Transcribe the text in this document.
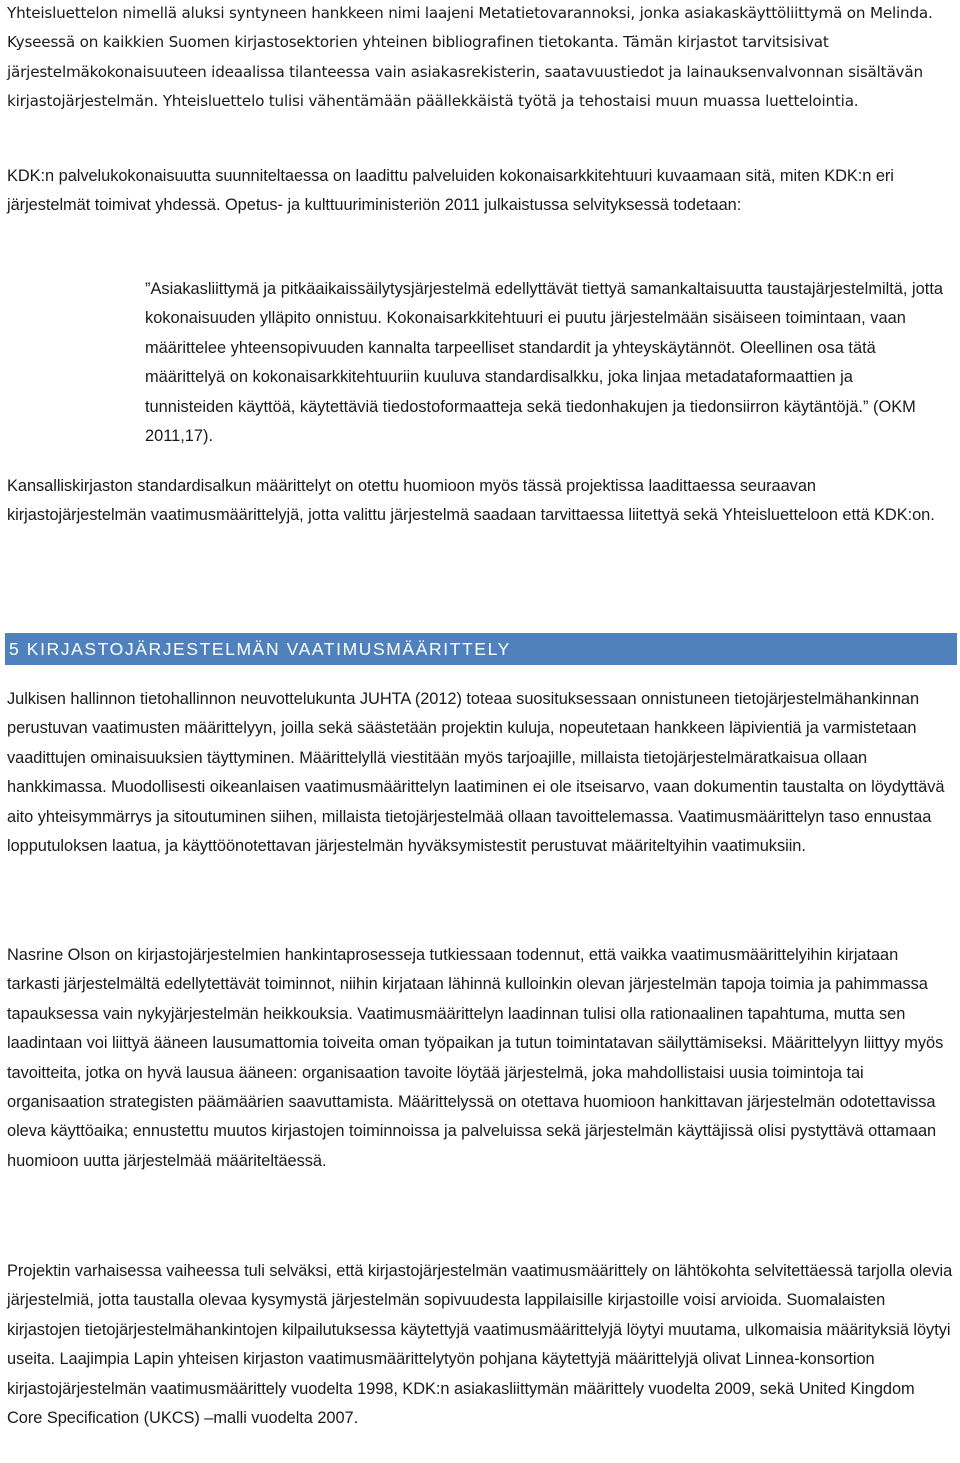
Yhteisluettelon nimellä aluksi syntyneen hankkeen nimi laajeni Metatietovarannoksi, jonka asiakaskäyttöliittymä on Melinda. Kyseessä on kaikkien Suomen kirjastosektorien yhteinen bibliografinen tietokanta. Tämän kirjastot tarvitsisivat järjestelmäkokonaisuuteen ideaalissa tilanteessa vain asiakasrekisterin, saatavuustiedot ja lainauksenvalvonnan sisältävän kirjastojärjestelmän. Yhteisluettelo tulisi vähentämään päällekkäistä työtä ja tehostaisi muun muassa luettelointia.

KDK:n palvelukokonaisuutta suunniteltaessa on laadittu palveluiden kokonaisarkkitehtuuri kuvaamaan sitä, miten KDK:n eri järjestelmät toimivat yhdessä. Opetus- ja kulttuuriministeriön 2011 julkaistussa selvityksessä todetaan:

”Asiakasliittymä ja pitkäaikaissäilytysjärjestelmä edellyttävät tiettyä samankaltaisuutta taustajärjestelmiltä, jotta kokonaisuuden ylläpito onnistuu. Kokonaisarkkitehtuuri ei puutu järjestelmään sisäiseen toimintaan, vaan määrittelee yhteensopivuuden kannalta tarpeelliset standardit ja yhteyskäytännöt. Oleellinen osa tätä määrittelyä on kokonaisarkkitehtuuriin kuuluva standardisalkku, joka linjaa metadataformaattien ja tunnisteiden käyttöä, käytettäviä tiedostoformaatteja sekä tiedonhakujen ja tiedonsiirron käytäntöjä.” (OKM 2011,17).

Kansalliskirjaston standardisalkun määrittelyt on otettu huomioon myös tässä projektissa laadittaessa seuraavan kirjastojärjestelmän vaatimusmäärittelyjä, jotta valittu järjestelmä saadaan tarvittaessa liitettyä sekä Yhteisluetteloon että KDK:on.

5 KIRJASTOJÄRJESTELMÄN VAATIMUSMÄÄRITTELY

Julkisen hallinnon tietohallinnon neuvottelukunta JUHTA (2012) toteaa suosituksessaan onnistuneen tietojärjestelmähankinnan perustuvan vaatimusten määrittelyyn, joilla sekä säästetään projektin kuluja, nopeutetaan hankkeen läpivientiä ja varmistetaan vaadittujen ominaisuuksien täyttyminen. Määrittelyllä viestitään myös tarjoajille, millaista tietojärjestelmäratkaisua ollaan hankkimassa. Muodollisesti oikeanlaisen vaatimusmäärittelyn laatiminen ei ole itseisarvo, vaan dokumentin taustalta on löydyttävä aito yhteisymmärrys ja sitoutuminen siihen, millaista tietojärjestelmää ollaan tavoittelemassa. Vaatimusmäärittelyn taso ennustaa lopputuloksen laatua, ja käyttöönotettavan järjestelmän hyväksymistestit perustuvat määriteltyihin vaatimuksiin.

Nasrine Olson on kirjastojärjestelmien hankintaprosesseja tutkiessaan todennut, että vaikka vaatimusmäärittelyihin kirjataan tarkasti järjestelmältä edellytettävät toiminnot, niihin kirjataan lähinnä kulloinkin olevan järjestelmän tapoja toimia ja pahimmassa tapauksessa vain nykyjärjestelmän heikkouksia. Vaatimusmäärittelyn laadinnan tulisi olla rationaalinen tapahtuma, mutta sen laadintaan voi liittyä ääneen lausumattomia toiveita oman työpaikan ja tutun toimintatavan säilyttämiseksi. Määrittelyyn liittyy myös tavoitteita, jotka on hyvä lausua ääneen: organisaation tavoite löytää järjestelmä, joka mahdollistaisi uusia toimintoja tai organisaation strategisten päämäärien saavuttamista. Määrittelyssä on otettava huomioon hankittavan järjestelmän odotettavissa oleva käyttöaika; ennustettu muutos kirjastojen toiminnoissa ja palveluissa sekä järjestelmän käyttäjissä olisi pystyttävä ottamaan huomioon uutta järjestelmää määriteltäessä.

Projektin varhaisessa vaiheessa tuli selväksi, että kirjastojärjestelmän vaatimusmäärittely on lähtökohta selvitettäessä tarjolla olevia järjestelmiä, jotta taustalla olevaa kysymystä järjestelmän sopivuudesta lappilaisille kirjastoille voisi arvioida. Suomalaisten kirjastojen tietojärjestelmähankintojen kilpailutuksessa käytettyjä vaatimusmäärittelyjä löytyi muutama, ulkomaisia määrityksiä löytyi useita. Laajimpia Lapin yhteisen kirjaston vaatimusmäärittelytyön pohjana käytettyjä määrittelyjä olivat Linnea-konsortion kirjastojärjestelmän vaatimusmäärittely vuodelta 1998, KDK:n asiakasliittymän määrittely vuodelta 2009, sekä United Kingdom Core Specification (UKCS) –malli vuodelta 2007.
